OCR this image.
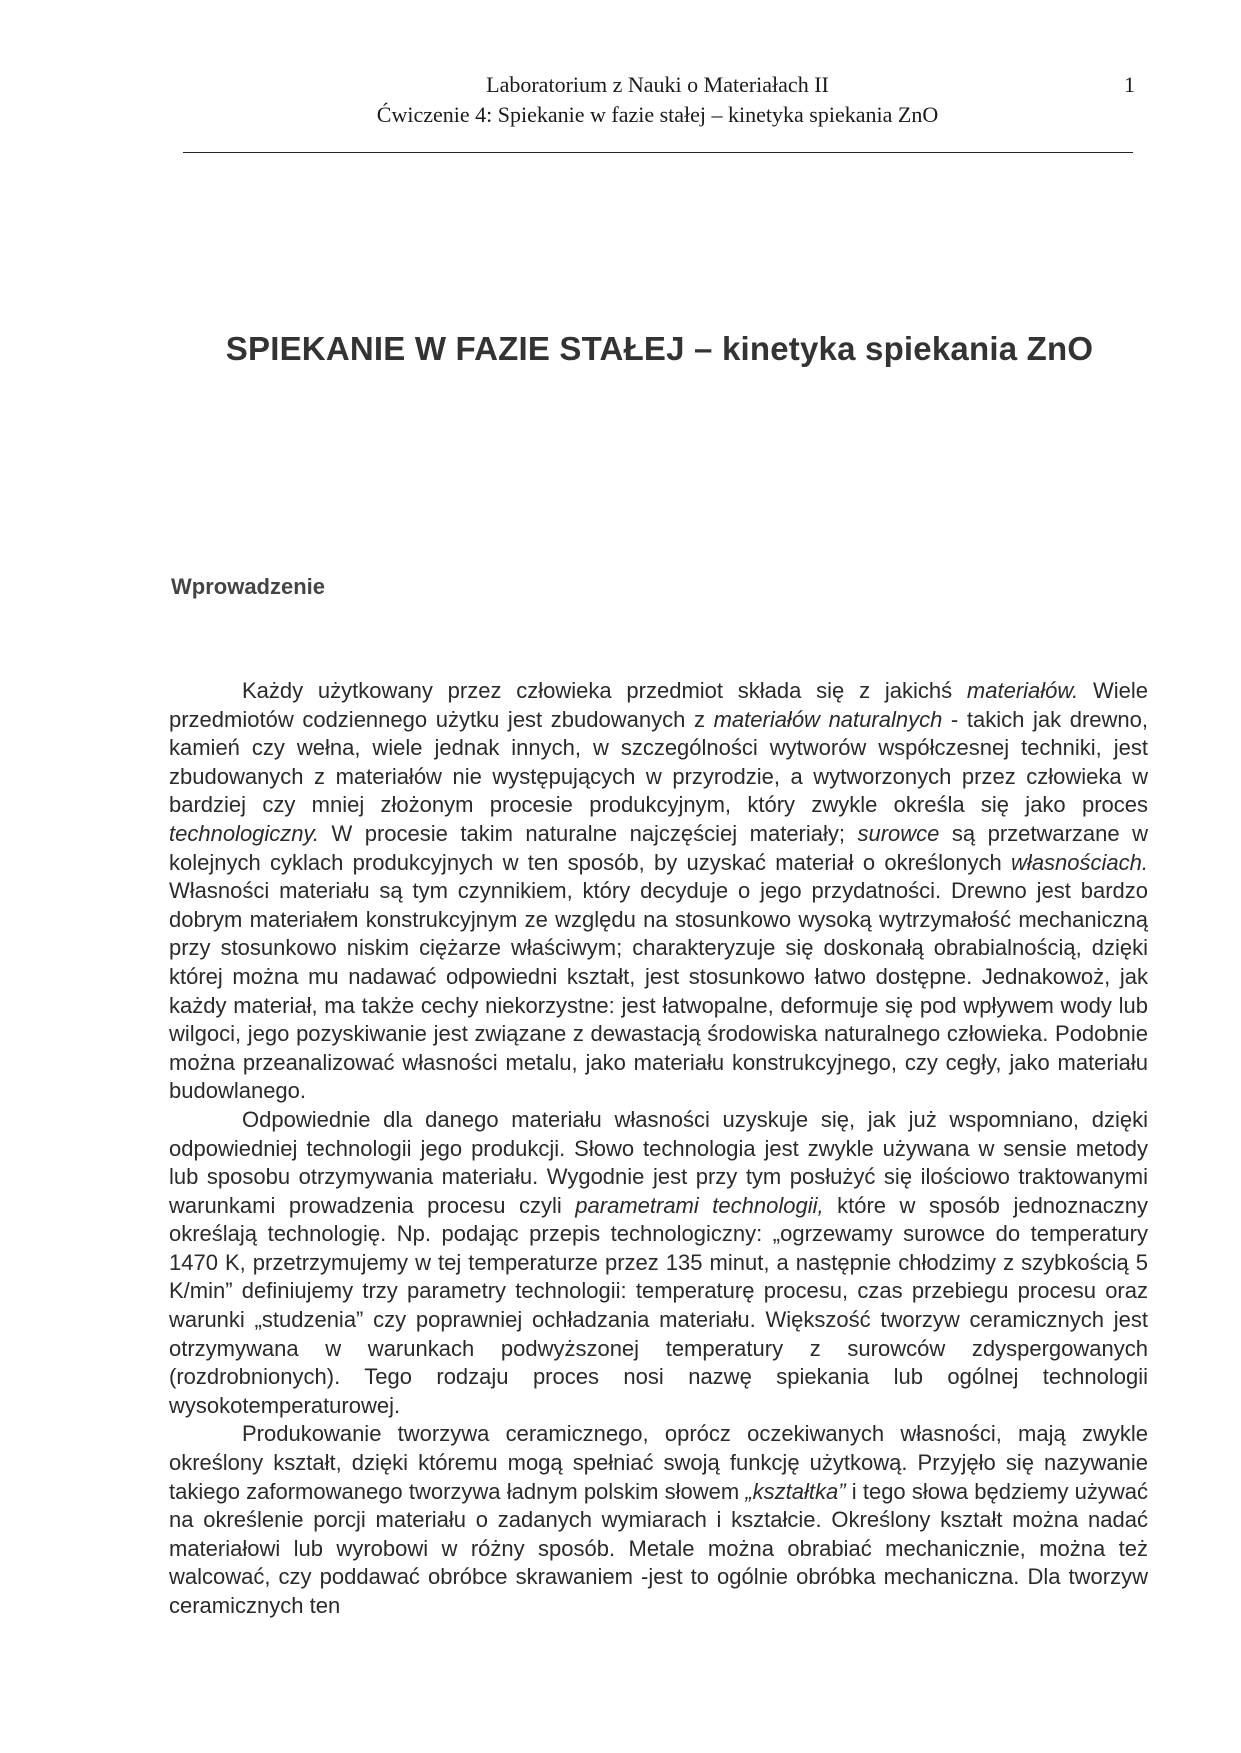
Laboratorium z Nauki o Materiałach II
Ćwiczenie 4: Spiekanie w fazie stałej – kinetyka spiekania ZnO
1
SPIEKANIE W FAZIE STAŁEJ – kinetyka spiekania ZnO
Wprowadzenie

Każdy użytkowany przez człowieka przedmiot składa się z jakichś materiałów. Wiele przedmiotów codziennego użytku jest zbudowanych z materiałów naturalnych - takich jak drewno, kamień czy wełna, wiele jednak innych, w szczególności wytworów współczesnej techniki, jest zbudowanych z materiałów nie występujących w przyrodzie, a wytworzonych przez człowieka w bardziej czy mniej złożonym procesie produkcyjnym, który zwykle określa się jako proces technologiczny. W procesie takim naturalne najczęściej materiały; surowce są przetwarzane w kolejnych cyklach produkcyjnych w ten sposób, by uzyskać materiał o określonych własnościach. Własności materiału są tym czynnikiem, który decyduje o jego przydatności. Drewno jest bardzo dobrym materiałem konstrukcyjnym ze względu na stosunkowo wysoką wytrzymałość mechaniczną przy stosunkowo niskim ciężarze właściwym; charakteryzuje się doskonałą obrabialnością, dzięki której można mu nadawać odpowiedni kształt, jest stosunkowo łatwo dostępne. Jednakowoż, jak każdy materiał, ma także cechy niekorzystne: jest łatwopalne, deformuje się pod wpływem wody lub wilgoci, jego pozyskiwanie jest związane z dewastacją środowiska naturalnego człowieka. Podobnie można przeanalizować własności metalu, jako materiału konstrukcyjnego, czy cegły, jako materiału budowlanego.

Odpowiednie dla danego materiału własności uzyskuje się, jak już wspomniano, dzięki odpowiedniej technologii jego produkcji. Słowo technologia jest zwykle używana w sensie metody lub sposobu otrzymywania materiału. Wygodnie jest przy tym posłużyć się ilościowo traktowanymi warunkami prowadzenia procesu czyli parametrami technologii, które w sposób jednoznaczny określają technologię. Np. podając przepis technologiczny: „ogrzewamy surowce do temperatury 1470 K, przetrzymujemy w tej temperaturze przez 135 minut, a następnie chłodzimy z szybkością 5 K/min” definiujemy trzy parametry technologii: temperaturę procesu, czas przebiegu procesu oraz warunki „studzenia” czy poprawniej ochładzania materiału. Większość tworzyw ceramicznych jest otrzymywana w warunkach podwyższonej temperatury z surowców zdyspergowanych (rozdrobnionych). Tego rodzaju proces nosi nazwę spiekania lub ogólnej technologii wysokotemperaturowej.

Produkowanie tworzywa ceramicznego, oprócz oczekiwanych własności, mają zwykle określony kształt, dzięki któremu mogą spełniać swoją funkcję użytkową. Przyjęło się nazywanie takiego zaformowanego tworzywa ładnym polskim słowem „kształtka” i tego słowa będziemy używać na określenie porcji materiału o zadanych wymiarach i kształcie. Określony kształt można nadać materiałowi lub wyrobowi w różny sposób. Metale można obrabiać mechanicznie, można też walcować, czy poddawać obróbce skrawaniem -jest to ogólnie obróbka mechaniczna. Dla tworzyw ceramicznych ten
